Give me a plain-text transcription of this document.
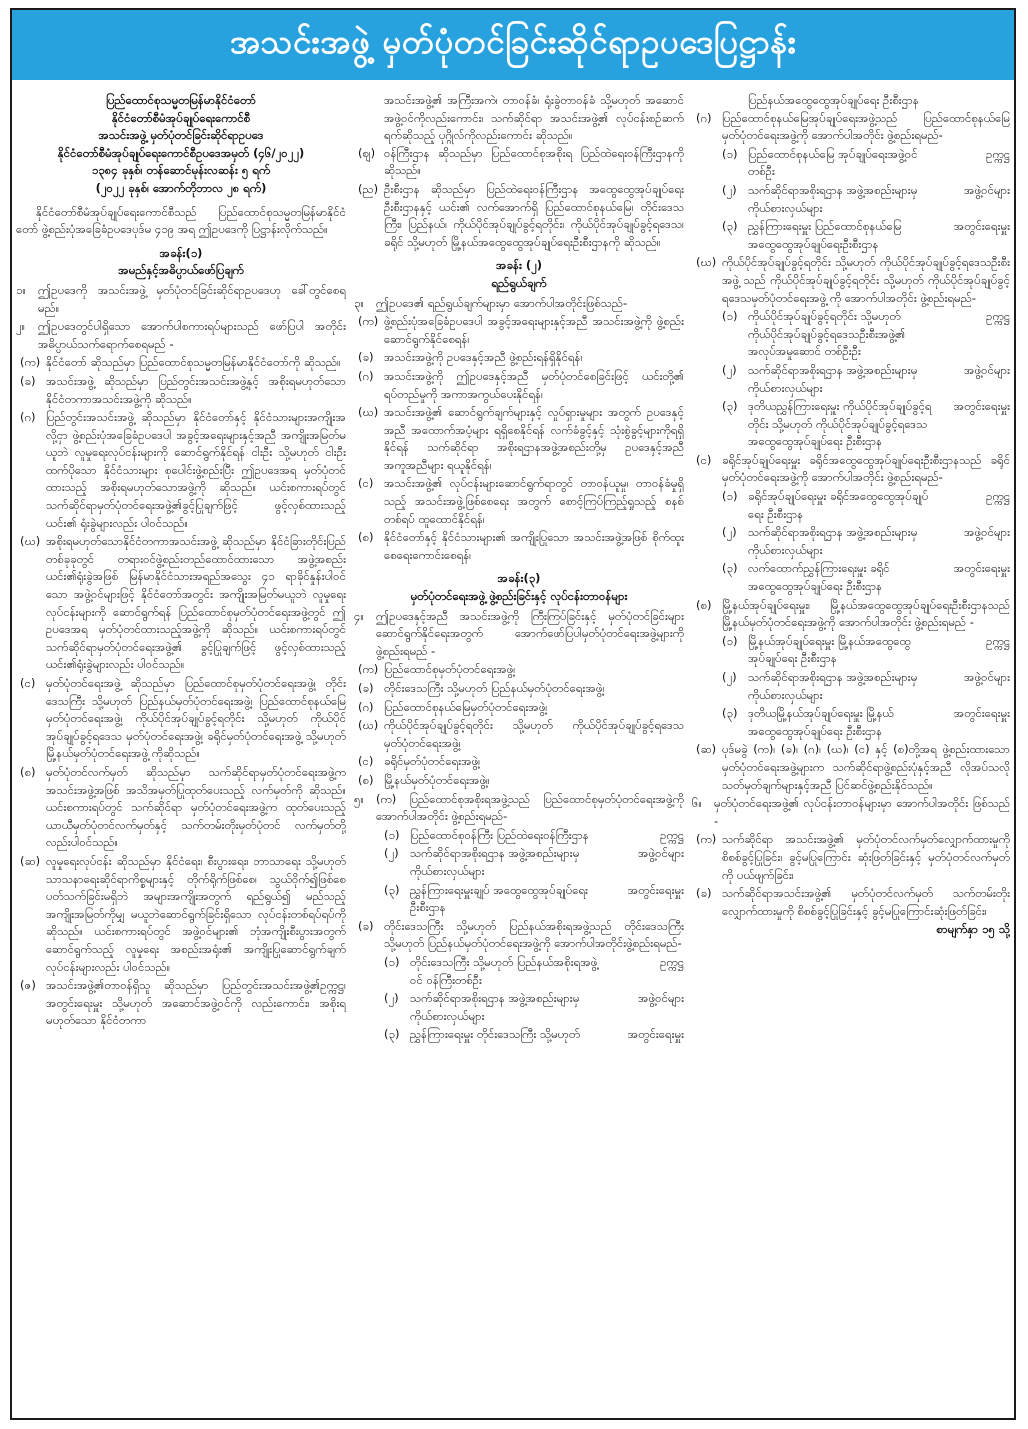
အသင်းအဖွဲ့ မှတ်ပုံတင်ခြင်းဆိုင်ရာဥပဒေပြဋ္ဌာန်း
ပြည်ထောင်စုသမ္မတမြန်မာနိုင်ငံတော်
နိုင်ငံတော်စီမံအုပ်ချုပ်ရေးကောင်စီ
အသင်းအဖွဲ့ မှတ်ပုံတင်ခြင်းဆိုင်ရာဥပဒေ
နိုင်ငံတော်စီမံအုပ်ချုပ်ရေးကောင်စီဥပဒေအမှတ် (၄၆/၂၀၂၂)
၁၃၈၄ ခုနှစ်၊ တန်ဆောင်မုန်းလဆန်း ၅ ရက်
(၂၀၂၂ ခုနှစ်၊ အောက်တိုဘာလ ၂၈ ရက်)
နိုင်ငံတော်စီမံအုပ်ချုပ်ရေးကောင်စီသည် ပြည်ထောင်စုသမ္မတမြန်မာနိုင်ငံတော် ဖွဲ့စည်းပုံအခြေခံဥပဒေပုဒ်မ ၄၁၉ အရ ဤဥပဒေကို ပြဋ္ဌာန်းလိုက်သည်။
အခန်း(၁)
အမည်နှင့်အဓိပ္ပာယ်ဖော်ပြချက်
၁။	ဤဥပဒေကို အသင်းအဖွဲ့ မှတ်ပုံတင်ခြင်းဆိုင်ရာဥပဒေဟု ခေါ်တွင်စေရမည်။
၂။	ဤဥပဒေတွင်ပါရှိသော အောက်ပါစကားရပ်များသည် ဖော်ပြပါ အတိုင်း အဓိပ္ပာယ်သက်ရောက်စေရမည် -
(က) နိုင်ငံတော် ဆိုသည်မှာ ပြည်ထောင်စုသမ္မတမြန်မာနိုင်ငံတော်ကို ဆိုသည်။
(ခ) အသင်းအဖွဲ့ ဆိုသည်မှာ ပြည်တွင်းအသင်းအဖွဲ့နှင့် အစိုးရမဟုတ်သော နိုင်ငံတကာအသင်းအဖွဲ့ကို ဆိုသည်။
(ဂ) ပြည်တွင်းအသင်းအဖွဲ့ ဆိုသည်မှာ နိုင်ငံတော်နှင့် နိုင်ငံသားများအကျိုးအလို့ငှာ ဖွဲ့စည်းပုံအခြေခံဥပဒေပါ အခွင့်အရေးများနှင့်အညီ အကျိုးအမြတ်မယူဘဲ လူမှုရေးလုပ်ငန်းများကို ဆောင်ရွက်နိုင်ရန် ငါးဦး သို့မဟုတ် ငါးဦးထက်ပိုသော နိုင်ငံသားများ စုပေါင်းဖွဲ့စည်းပြီး ဤဥပဒေအရ မှတ်ပုံတင်ထားသည့် အစိုးရမဟုတ်သောအဖွဲ့ကို ဆိုသည်။ ယင်းစကားရပ်တွင် သက်ဆိုင်ရာမှတ်ပုံတင်ရေးအဖွဲ့၏ခွင့်ပြုချက်ဖြင့် ဖွင့်လှစ်ထားသည့် ယင်း၏ ရုံးခွဲများလည်း ပါဝင်သည်။
(ဃ) အစိုးရမဟုတ်သောနိုင်ငံတကာအသင်းအဖွဲ့ ဆိုသည်မှာ နိုင်ငံခြားတိုင်းပြည်တစ်ခုခုတွင် တရားဝင်ဖွဲ့စည်းတည်ထောင်ထားသော အဖွဲ့အစည်း ယင်း၏ရုံးခွဲအဖြစ် မြန်မာနိုင်ငံသားအရည်အသွေး ၄၁ ရာခိုင်နှုန်းပါဝင်သော အဖွဲ့ဝင်များဖြင့် နိုင်ငံတော်အတွင်း အကျိုးအမြတ်မယူဘဲ လူမှုရေးလုပ်ငန်းများကို ဆောင်ရွက်ရန် ပြည်ထောင်စုမှတ်ပုံတင်ရေးအဖွဲ့တွင် ဤဥပဒေအရ မှတ်ပုံတင်ထားသည့်အဖွဲ့ကို ဆိုသည်။ ယင်းစကားရပ်တွင် သက်ဆိုင်ရာမှတ်ပုံတင်ရေးအဖွဲ့၏ ခွင့်ပြုချက်ဖြင့် ဖွင့်လှစ်ထားသည့် ယင်း၏ရုံးခွဲများလည်း ပါဝင်သည်။
(င) မှတ်ပုံတင်ရေးအဖွဲ့ ဆိုသည်မှာ ပြည်ထောင်စုမှတ်ပုံတင်ရေးအဖွဲ့၊ တိုင်းဒေသကြီး သို့မဟုတ် ပြည်နယ်မှတ်ပုံတင်ရေးအဖွဲ့၊ ပြည်ထောင်စုနယ်မြေ မှတ်ပုံတင်ရေးအဖွဲ့၊ ကိုယ်ပိုင်အုပ်ချုပ်ခွင့်ရတိုင်း သို့မဟုတ် ကိုယ်ပိုင်အုပ်ချုပ်ခွင့်ရဒေသ မှတ်ပုံတင်ရေးအဖွဲ့၊ ခရိုင်မှတ်ပုံတင်ရေးအဖွဲ့ သို့မဟုတ် မြို့နယ်မှတ်ပုံတင်ရေးအဖွဲ့ ကိုဆိုသည်။
(စ) မှတ်ပုံတင်လက်မှတ် ဆိုသည်မှာ သက်ဆိုင်ရာမှတ်ပုံတင်ရေးအဖွဲ့က အသင်းအဖွဲ့အဖြစ် အသိအမှတ်ပြုထုတ်ပေးသည့် လက်မှတ်ကို ဆိုသည်။ ယင်းစကားရပ်တွင် သက်ဆိုင်ရာ မှတ်ပုံတင်ရေးအဖွဲ့က ထုတ်ပေးသည့် ယာယီမှတ်ပုံတင်လက်မှတ်နှင့် သက်တမ်းတိုးမှတ်ပုံတင် လက်မှတ်တို့လည်းပါဝင်သည်။
(ဆ) လူမှုရေးလုပ်ငန်း ဆိုသည်မှာ နိုင်ငံရေး၊ စီးပွားရေး၊ ဘာသာရေး သို့မဟုတ် သာသနာရေးဆိုင်ရာကိစ္စများနှင့် တိုက်ရိုက်ဖြစ်စေ၊ သွယ်ဝိုက်၍ဖြစ်စေ ပတ်သက်ခြင်းမရှိဘဲ အများအကျိုးအတွက် ရည်ရွယ်၍ မည်သည့် အကျိုးအမြတ်ကိုမျှ မယူဘဲဆောင်ရွက်ခြင်းရှိသော လုပ်ငန်းတစ်ရပ်ရပ်ကိုဆိုသည်။ ယင်းစကားရပ်တွင် အဖွဲ့ဝင်များ၏ ဘုံအကျိုးစီးပွားအတွက် ဆောင်ရွက်သည့် လူမှုရေး အစည်းအရုံး၏ အကျိုးပြုဆောင်ရွက်ချက်လုပ်ငန်းများလည်း ပါဝင်သည်။
(ဇ) အသင်းအဖွဲ့၏တာဝန်ရှိသူ ဆိုသည်မှာ ပြည်တွင်းအသင်းအဖွဲ့၏ဥက္ကဋ္ဌ၊ အတွင်းရေးမှူး သို့မဟုတ် အဆောင်အဖွဲ့ဝင်ကို လည်းကောင်း၊ အစိုးရမဟုတ်သော နိုင်ငံတကာ
အသင်းအဖွဲ့၏ အကြီးအကဲ၊ တာဝန်ခံ၊ ရုံးခွဲတာဝန်ခံ သို့မဟုတ် အဆောင်အဖွဲ့ဝင်ကိုလည်းကောင်း၊ သက်ဆိုင်ရာ အသင်းအဖွဲ့၏ လုပ်ငန်းစဉ်ဆက်ရက်ဆိုသည့် ပုဂ္ဂိုလ်ကိုလည်းကောင်း ဆိုသည်။
(ဈ) ဝန်ကြီးဌာန ဆိုသည်မှာ ပြည်ထောင်စုအစိုးရ ပြည်ထဲရေးဝန်ကြီးဌာနကိုဆိုသည်။
(ည) ဦးစီးဌာန ဆိုသည်မှာ ပြည်ထဲရေးဝန်ကြီးဌာန အထွေထွေအုပ်ချုပ်ရေးဦးစီးဌာနနှင့် ယင်း၏ လက်အောက်ရှိ ပြည်ထောင်စုနယ်မြေ၊ တိုင်းဒေသကြီး၊ ပြည်နယ်၊ ကိုယ်ပိုင်အုပ်ချုပ်ခွင့်ရတိုင်း၊ ကိုယ်ပိုင်အုပ်ချုပ်ခွင့်ရဒေသ၊ ခရိုင် သို့မဟုတ် မြို့နယ်အထွေထွေအုပ်ချုပ်ရေးဦးစီးဌာနကို ဆိုသည်။
အခန်း (၂)
ရည်ရွယ်ချက်
၃။	ဤဥပဒေ၏ ရည်ရွယ်ချက်များမှာ အောက်ပါအတိုင်းဖြစ်သည်-
(က) ဖွဲ့စည်းပုံအခြေခံဥပဒေပါ အခွင့်အရေးများနှင့်အညီ အသင်းအဖွဲ့ကို ဖွဲ့စည်းဆောင်ရွက်နိုင်စေရန်၊
(ခ) အသင်းအဖွဲ့ကို ဥပဒေနှင့်အညီ ဖွဲ့စည်းရန်ရှိနိုင်ရန်၊
(ဂ) အသင်းအဖွဲ့ကို ဤဥပဒေနှင့်အညီ မှတ်ပုံတင်စေခြင်းဖြင့် ယင်းတို့၏ ရပ်တည်မှုကို အကာအကွယ်ပေးနိုင်ရန်၊
(ဃ) အသင်းအဖွဲ့၏ ဆောင်ရွက်ချက်များနှင့် လှုပ်ရှားမှုများ အတွက် ဥပဒေနှင့်အညီ အထောက်အပံ့များ ရရှိစေနိုင်ရန် လက်ခံခွင့်နှင့် သုံးစွဲခွင့်များကိုရရှိနိုင်ရန် သက်ဆိုင်ရာ အစိုးရဌာနအဖွဲ့အစည်းတို့မှ ဥပဒေနှင့်အညီ အကူအညီများ ရယူနိုင်ရန်၊
(င) အသင်းအဖွဲ့၏ လုပ်ငန်းများဆောင်ရွက်ရာတွင် တာဝန်ယူမှု၊ တာဝန်ခံမှုရှိသည့် အသင်းအဖွဲ့ဖြစ်စေရေး အတွက် စောင့်ကြပ်ကြည့်ရှုသည့် စနစ်တစ်ရပ် ထူထောင်နိုင်ရန်၊
(စ) နိုင်ငံတော်နှင့် နိုင်ငံသားများ၏ အကျိုးပြုသော အသင်းအဖွဲ့အဖြစ် စိုက်ထူးစေရေးကောင်းစေရန်၊
အခန်း(၃)
မှတ်ပုံတင်ရေးအဖွဲ့ ဖွဲ့စည်းခြင်းနှင့် လုပ်ငန်းတာဝန်များ
၄။	ဤဥပဒေနှင့်အညီ အသင်းအဖွဲ့ကို ကြီးကြပ်ခြင်းနှင့် မှတ်ပုံတင်ခြင်းများ ဆောင်ရွက်နိုင်ရေးအတွက် အောက်ဖော်ပြပါမှတ်ပုံတင်ရေးအဖွဲ့များကို ဖွဲ့စည်းရမည် -
(က) ပြည်ထောင်စုမှတ်ပုံတင်ရေးအဖွဲ့၊
(ခ) တိုင်းဒေသကြီး သို့မဟုတ် ပြည်နယ်မှတ်ပုံတင်ရေးအဖွဲ့၊
(ဂ) ပြည်ထောင်စုနယ်မြေမှတ်ပုံတင်ရေးအဖွဲ့၊
(ဃ) ကိုယ်ပိုင်အုပ်ချုပ်ခွင့်ရတိုင်း သို့မဟုတ် ကိုယ်ပိုင်အုပ်ချုပ်ခွင့်ရဒေသမှတ်ပုံတင်ရေးအဖွဲ့၊
(င) ခရိုင်မှတ်ပုံတင်ရေးအဖွဲ့၊
(စ) မြို့နယ်မှတ်ပုံတင်ရေးအဖွဲ့။
၅။	(က) ပြည်ထောင်စုအစိုးရအဖွဲ့သည် ပြည်ထောင်စုမှတ်ပုံတင်ရေးအဖွဲ့ကို အောက်ပါအတိုင်း ဖွဲ့စည်းရမည်-
(၁) ပြည်ထောင်စုဝန်ကြီး ပြည်ထဲရေးဝန်ကြီးဌာန	ဥက္ကဋ္ဌ
(၂) သက်ဆိုင်ရာအစိုးရဌာန အဖွဲ့အစည်းများမှ ကိုယ်စားလှယ်များ
အဖွဲ့ဝင်များ
(၃) ညွှန်ကြားရေးမှူးချုပ် အထွေထွေအုပ်ချုပ်ရေးဦးစီးဌာန
အတွင်းရေးမှူး
(ခ) တိုင်းဒေသကြီး သို့မဟုတ် ပြည်နယ်အစိုးရအဖွဲ့သည် တိုင်းဒေသကြီး သို့မဟုတ် ပြည်နယ်မှတ်ပုံတင်ရေးအဖွဲ့ကို အောက်ပါအတိုင်းဖွဲ့စည်းရမည်-
(၁) တိုင်းဒေသကြီး သို့မဟုတ် ပြည်နယ်အစိုးရအဖွဲ့ဝင် ဝန်ကြီးတစ်ဦး
ဥက္ကဋ္ဌ
(၂) သက်ဆိုင်ရာအစိုးရဌာန အဖွဲ့အစည်းများမှ ကိုယ်စားလှယ်များ
အဖွဲ့ဝင်များ
(၃) ညွှန်ကြားရေးမှူး တိုင်းဒေသကြီး သို့မဟုတ်	အတွင်းရေးမှူး
ပြည်နယ်အထွေထွေအုပ်ချုပ်ရေး ဦးစီးဌာန
(ဂ) ပြည်ထောင်စုနယ်မြေအုပ်ချုပ်ရေးအဖွဲ့သည် ပြည်ထောင်စုနယ်မြေမှတ်ပုံတင်ရေးအဖွဲ့ကို အောက်ပါအတိုင်း ဖွဲ့စည်းရမည်-
(၁) ပြည်ထောင်စုနယ်မြေ အုပ်ချုပ်ရေးအဖွဲ့ဝင်တစ်ဦး
ဥက္ကဋ္ဌ
(၂) သက်ဆိုင်ရာအစိုးရဌာန အဖွဲ့အစည်းများမှ ကိုယ်စားလှယ်များ
အဖွဲ့ဝင်များ
(၃) ညွှန်ကြားရေးမှူး ပြည်ထောင်စုနယ်မြေ အထွေထွေအုပ်ချုပ်ရေးဦးစီးဌာန
အတွင်းရေးမှူး
(ဃ) ကိုယ်ပိုင်အုပ်ချုပ်ခွင့်ရတိုင်း သို့မဟုတ် ကိုယ်ပိုင်အုပ်ချုပ်ခွင့်ရဒေသဦးစီးအဖွဲ့ သည် ကိုယ်ပိုင်အုပ်ချုပ်ခွင့်ရတိုင်း သို့မဟုတ် ကိုယ်ပိုင်အုပ်ချုပ်ခွင့်ရဒေသမှတ်ပုံတင်ရေးအဖွဲ့ ကို အောက်ပါအတိုင်း ဖွဲ့စည်းရမည်-
(၁) ကိုယ်ပိုင်အုပ်ချုပ်ခွင့်ရတိုင်း သို့မဟုတ် ကိုယ်ပိုင်အုပ်ချုပ်ခွင့်ရဒေသဦးစီးအဖွဲ့၏ အလုပ်အမှုဆောင် တစ်ဦးဦး
ဥက္ကဋ္ဌ
(၂) သက်ဆိုင်ရာအစိုးရဌာန အဖွဲ့အစည်းများမှ ကိုယ်စားလှယ်များ
အဖွဲ့ဝင်များ
(၃) ဒုတိယညွှန်ကြားရေးမှူး ကိုယ်ပိုင်အုပ်ချုပ်ခွင့်ရတိုင်း သို့မဟုတ် ကိုယ်ပိုင်အုပ်ချုပ်ခွင့်ရဒေသ အထွေထွေအုပ်ချုပ်ရေး ဦးစီးဌာန
အတွင်းရေးမှူး
(င) ခရိုင်အုပ်ချုပ်ရေးမှူး ခရိုင်အထွေထွေအုပ်ချုပ်ရေးဦးစီးဌာနသည် ခရိုင်မှတ်ပုံတင်ရေးအဖွဲ့ကို အောက်ပါအတိုင်း ဖွဲ့စည်းရမည်-
(၁) ခရိုင်အုပ်ချုပ်ရေးမှူး ခရိုင်အထွေထွေအုပ်ချုပ်ရေး ဦးစီးဌာန
ဥက္ကဋ္ဌ
(၂) သက်ဆိုင်ရာအစိုးရဌာန အဖွဲ့အစည်းများမှ ကိုယ်စားလှယ်များ
အဖွဲ့ဝင်များ
(၃) လက်ထောက်ညွှန်ကြားရေးမှူး ခရိုင်အထွေထွေအုပ်ချုပ်ရေး ဦးစီးဌာန
အတွင်းရေးမှူး
(စ) မြို့နယ်အုပ်ချုပ်ရေးမှူး၊ မြို့နယ်အထွေထွေအုပ်ချုပ်ရေးဦးစီးဌာနသည် မြို့နယ်မှတ်ပုံတင်ရေးအဖွဲ့ကို အောက်ပါအတိုင်း ဖွဲ့စည်းရမည် -
(၁) မြို့နယ်အုပ်ချုပ်ရေးမှူး မြို့နယ်အထွေထွေအုပ်ချုပ်ရေး ဦးစီးဌာန
ဥက္ကဋ္ဌ
(၂) သက်ဆိုင်ရာအစိုးရဌာန အဖွဲ့အစည်းများမှ ကိုယ်စားလှယ်များ
အဖွဲ့ဝင်များ
(၃) ဒုတိယမြို့နယ်အုပ်ချုပ်ရေးမှူး မြို့နယ်အထွေထွေအုပ်ချုပ်ရေး ဦးစီးဌာန
အတွင်းရေးမှူး
(ဆ) ပုဒ်မခွဲ (က)၊ (ခ)၊ (ဂ)၊ (ဃ)၊ (င) နှင့် (စ)တို့အရ ဖွဲ့စည်းထားသော မှတ်ပုံတင်ရေးအဖွဲ့များက သက်ဆိုင်ရာဖွဲ့စည်းပုံနှင့်အညီ လိုအပ်သလို သတ်မှတ်ချက်များနှင့်အညီ ပြင်ဆင်ဖွဲ့စည်းနိုင်သည်။
၆။	မှတ်ပုံတင်ရေးအဖွဲ့၏ လုပ်ငန်းတာဝန်များမှာ အောက်ပါအတိုင်း ဖြစ်သည် -
(က) သက်ဆိုင်ရာ အသင်းအဖွဲ့၏ မှတ်ပုံတင်လက်မှတ်လျှောက်ထားမှုကို စိစစ်ခွင့်ပြုခြင်း၊ ခွင့်မပြုကြောင်း ဆုံးဖြတ်ခြင်းနှင့် မှတ်ပုံတင်လက်မှတ်ကို ပယ်ဖျက်ခြင်း၊
(ခ) သက်ဆိုင်ရာအသင်းအဖွဲ့၏ မှတ်ပုံတင်လက်မှတ် သက်တမ်းတိုးလျှောက်ထားမှုကို စိစစ်ခွင့်ပြုခြင်းနှင့် ခွင့်မပြုကြောင်းဆုံးဖြတ်ခြင်း၊
စာမျက်နှာ ၁၅ သို့
